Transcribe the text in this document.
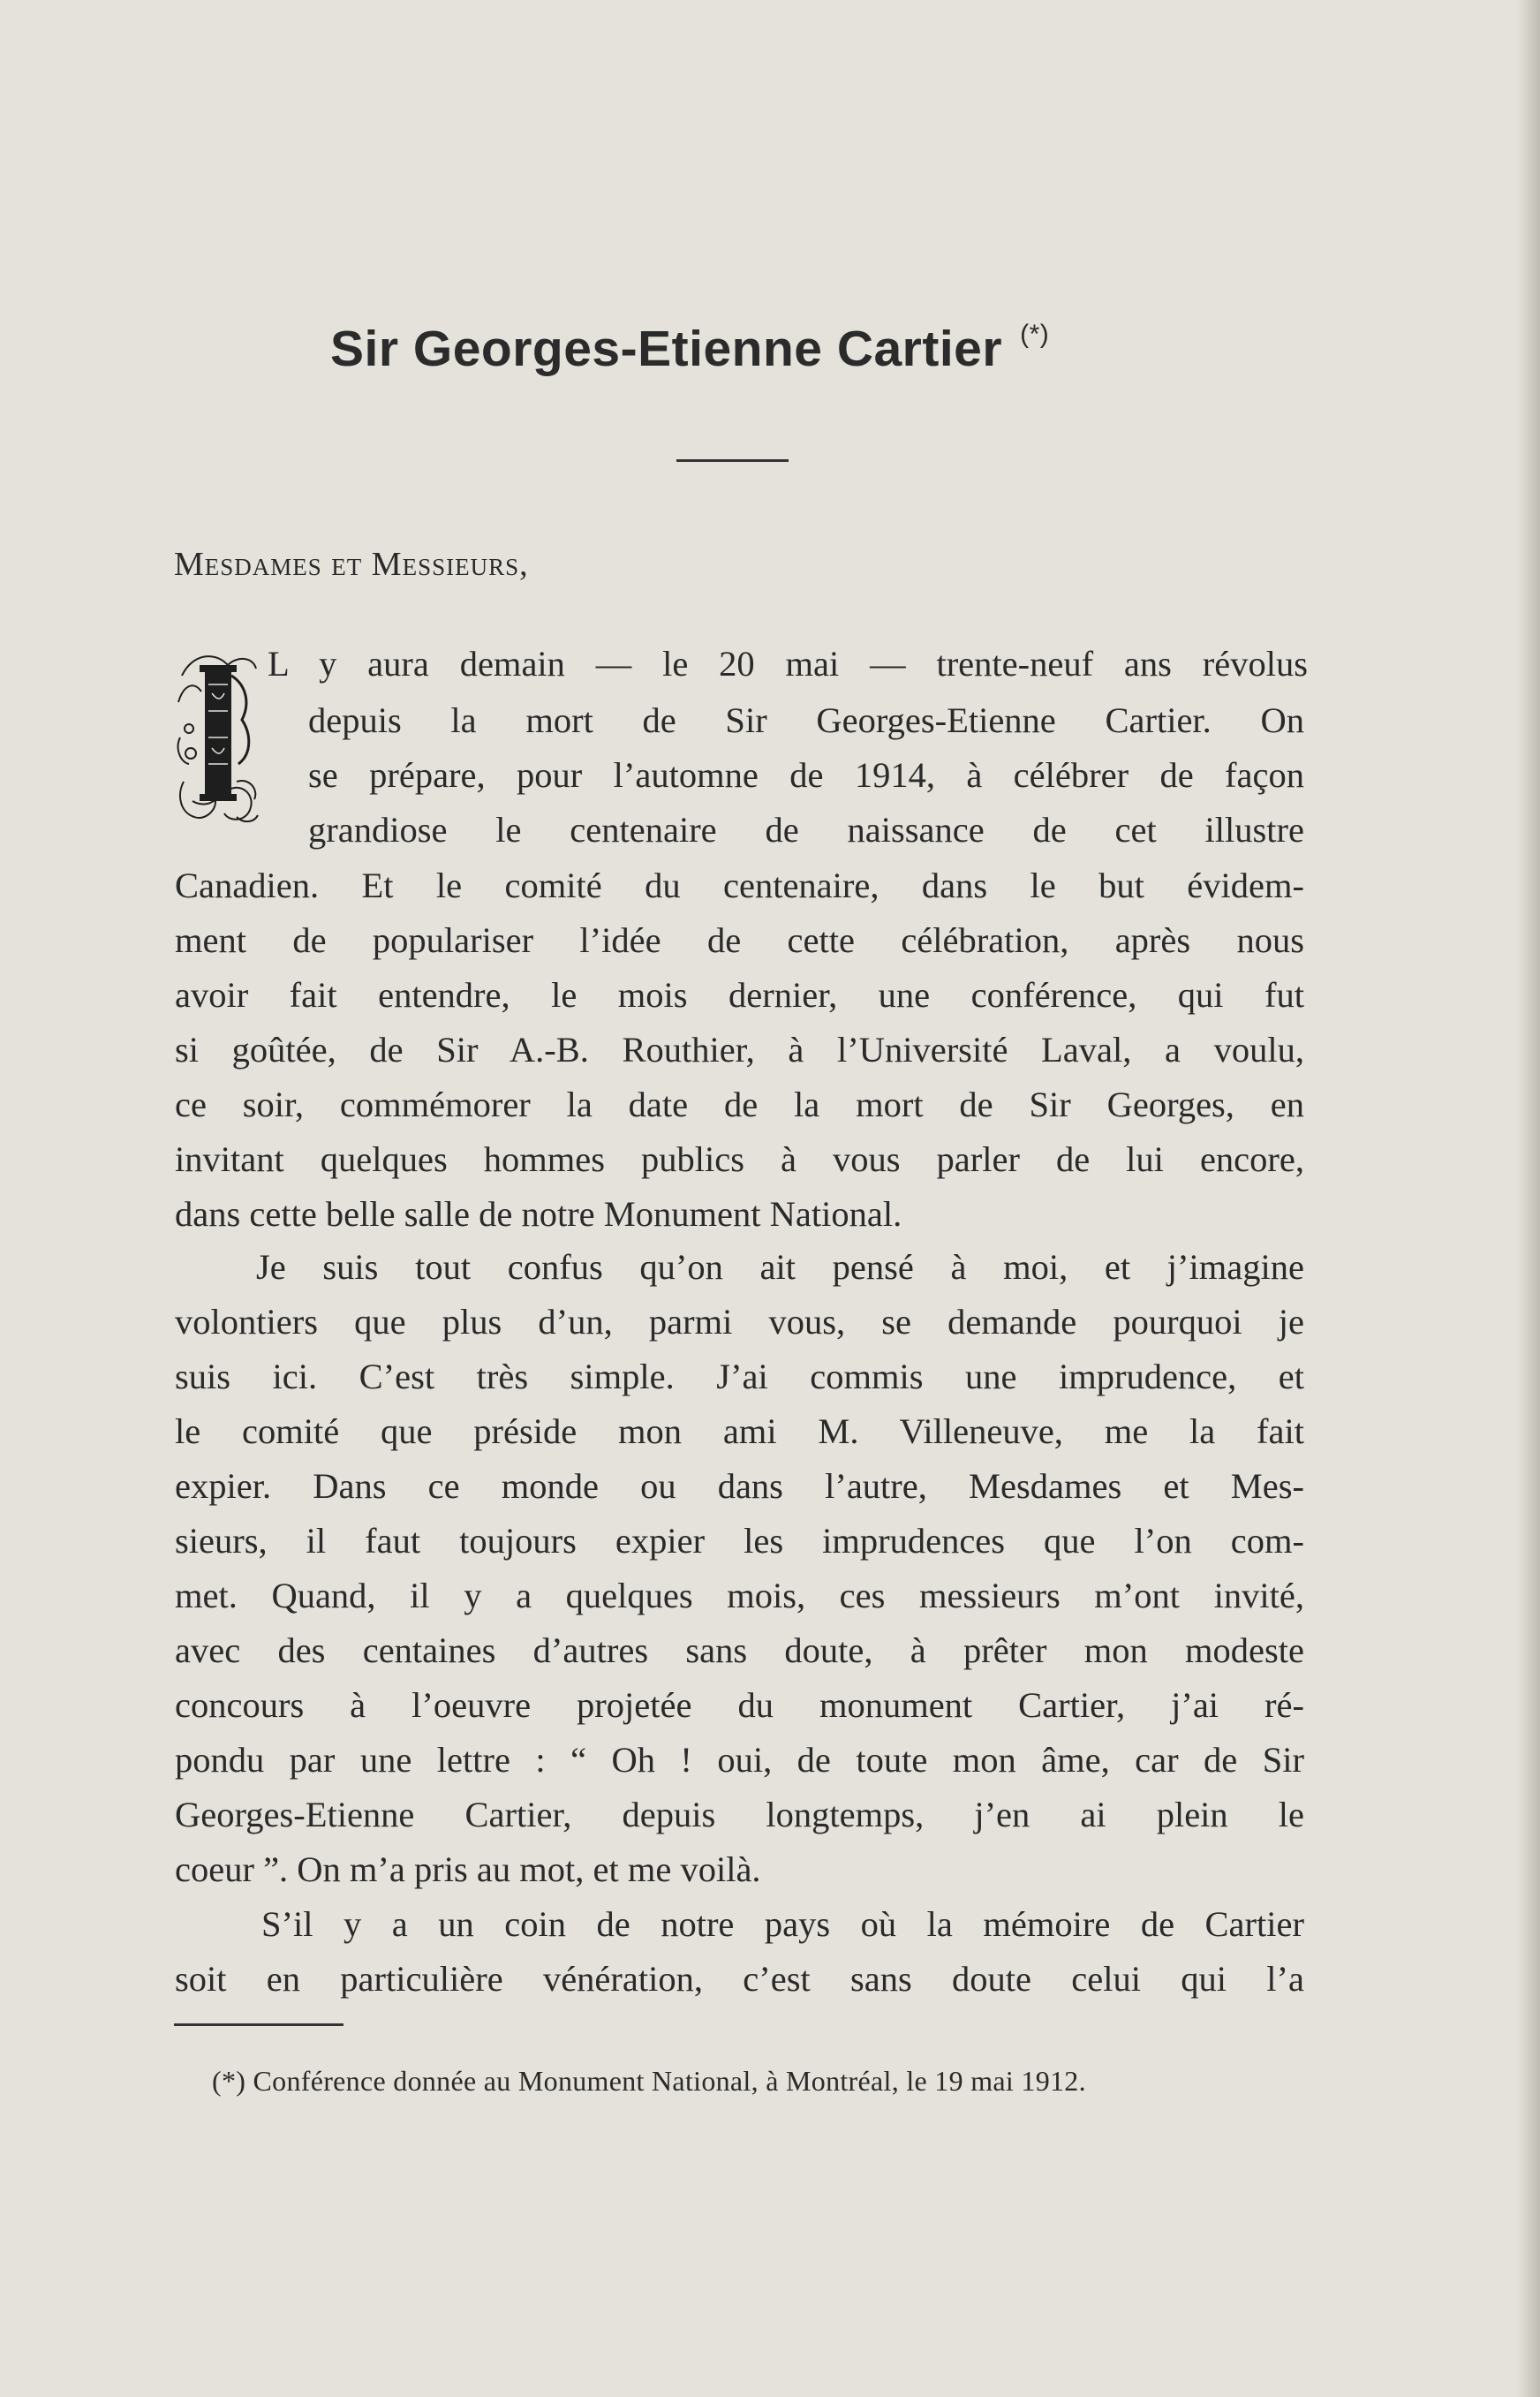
Sir Georges-Etienne Cartier (*)
Mesdames et Messieurs,
L y aura demain — le 20 mai — trente-neuf ans révolus
depuis la mort de Sir Georges-Etienne Cartier. On
se prépare, pour l’automne de 1914, à célébrer de façon
grandiose le centenaire de naissance de cet illustre
Canadien. Et le comité du centenaire, dans le but évidem-
ment de populariser l’idée de cette célébration, après nous
avoir fait entendre, le mois dernier, une conférence, qui fut
si goûtée, de Sir A.-B. Routhier, à l’Université Laval, a voulu,
ce soir, commémorer la date de la mort de Sir Georges, en
invitant quelques hommes publics à vous parler de lui encore,
dans cette belle salle de notre Monument National.
Je suis tout confus qu’on ait pensé à moi, et j’imagine
volontiers que plus d’un, parmi vous, se demande pourquoi je
suis ici. C’est très simple. J’ai commis une imprudence, et
le comité que préside mon ami M. Villeneuve, me la fait
expier. Dans ce monde ou dans l’autre, Mesdames et Mes-
sieurs, il faut toujours expier les imprudences que l’on com-
met. Quand, il y a quelques mois, ces messieurs m’ont invité,
avec des centaines d’autres sans doute, à prêter mon modeste
concours à l’oeuvre projetée du monument Cartier, j’ai ré-
pondu par une lettre : “ Oh ! oui, de toute mon âme, car de Sir
Georges-Etienne Cartier, depuis longtemps, j’en ai plein le
coeur ”. On m’a pris au mot, et me voilà.
S’il y a un coin de notre pays où la mémoire de Cartier
soit en particulière vénération, c’est sans doute celui qui l’a
(*) Conférence donnée au Monument National, à Montréal, le 19 mai 1912.
